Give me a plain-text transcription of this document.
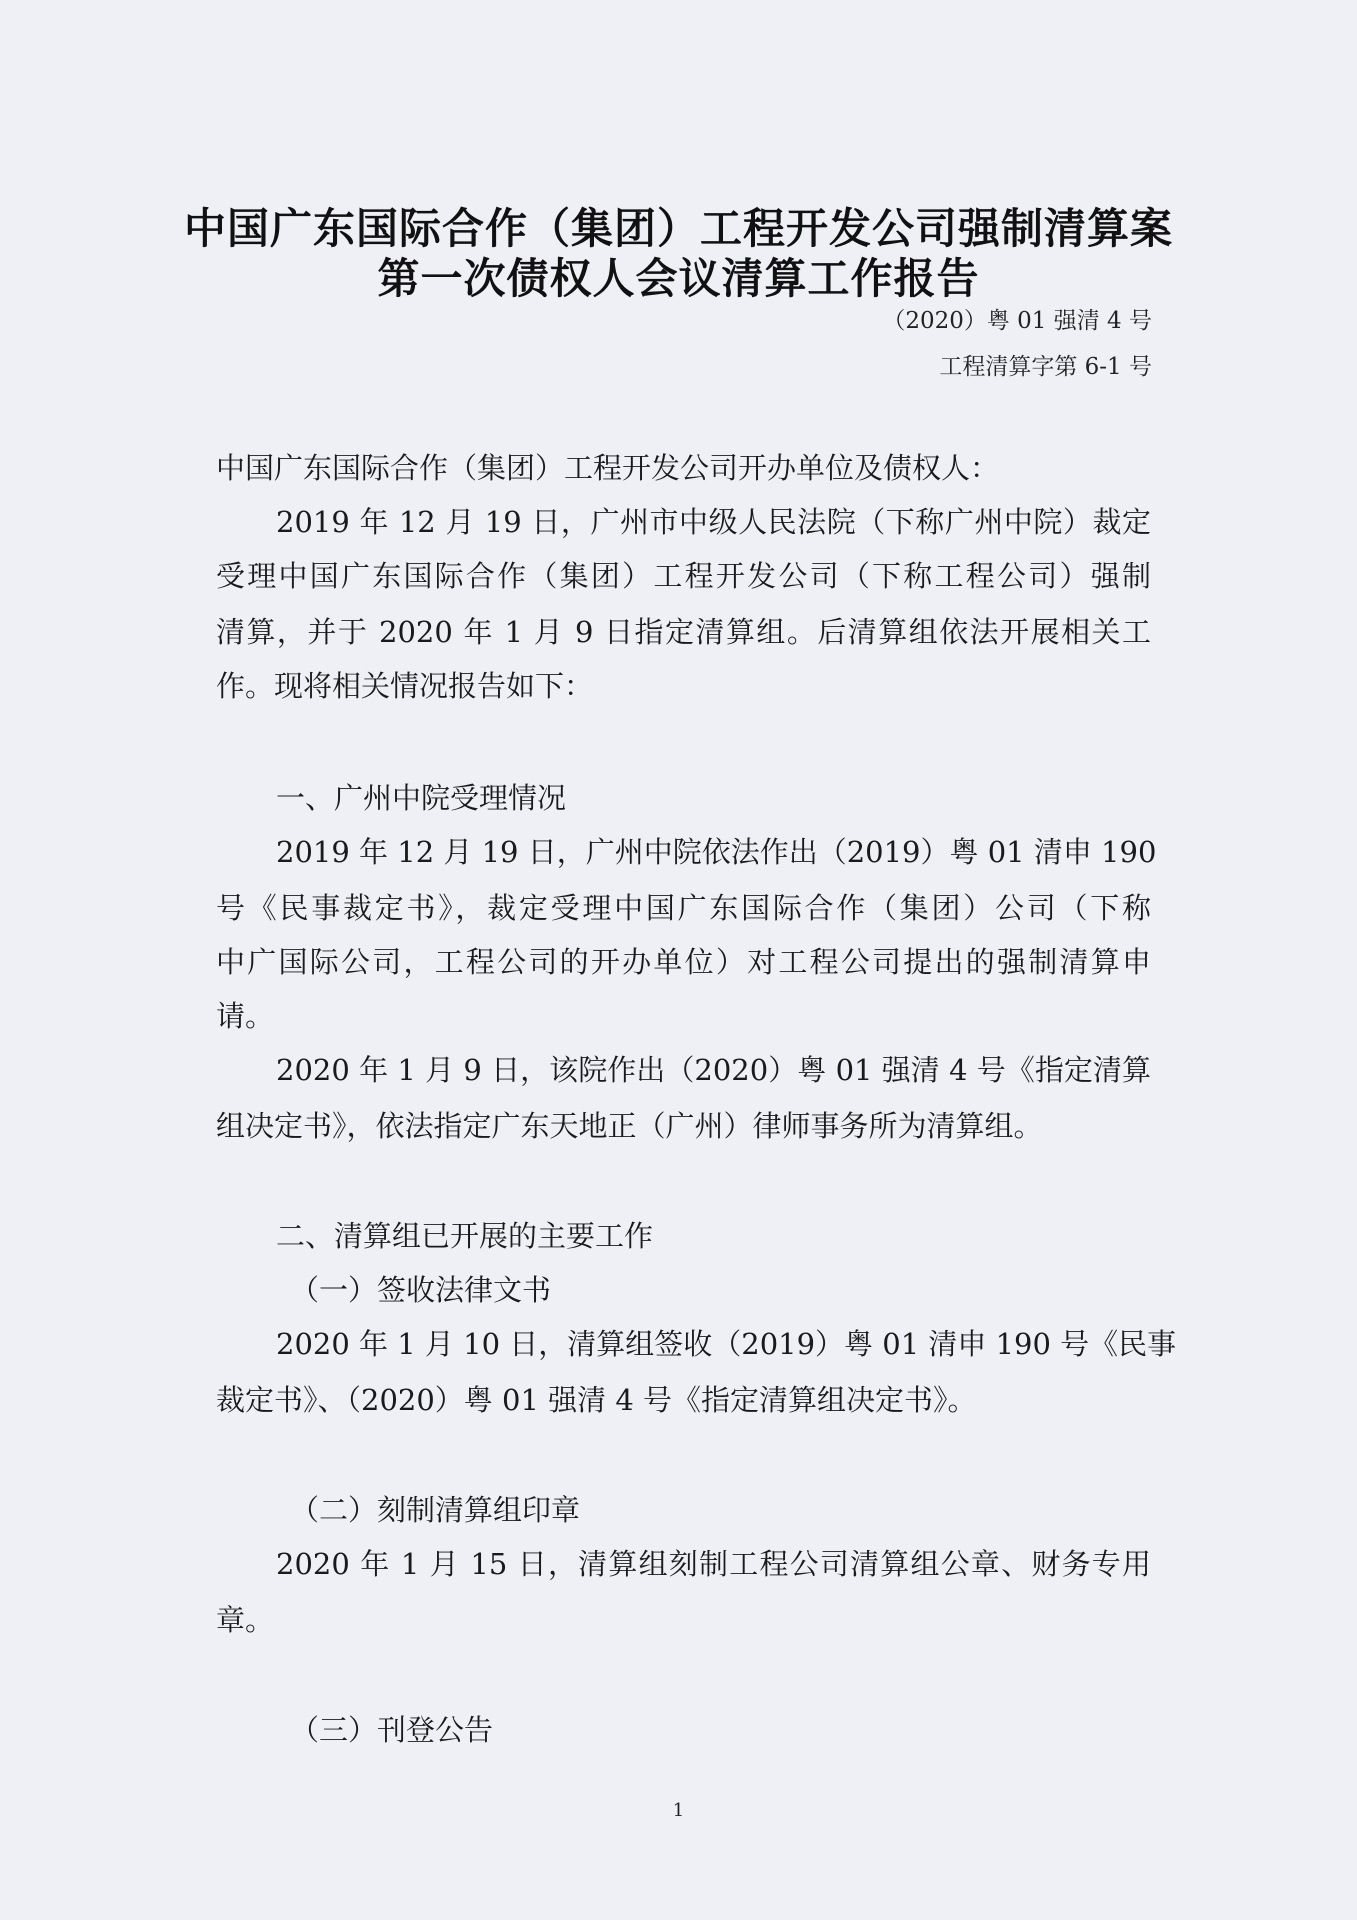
中国广东国际合作（集团）工程开发公司强制清算案
第一次债权人会议清算工作报告
（2020）粤 01 强清 4 号
工程清算字第 6-1 号
中国广东国际合作（集团）工程开发公司开办单位及债权人：
2019 年 12 月 19 日，广州市中级人民法院（下称广州中院）裁定
受理中国广东国际合作（集团）工程开发公司（下称工程公司）强制
清算，并于 2020 年 1 月 9 日指定清算组。后清算组依法开展相关工
作。现将相关情况报告如下：
一、广州中院受理情况
2019 年 12 月 19 日，广州中院依法作出（2019）粤 01 清申 190
号《民事裁定书》，裁定受理中国广东国际合作（集团）公司（下称
中广国际公司，工程公司的开办单位）对工程公司提出的强制清算申
请。
2020 年 1 月 9 日，该院作出（2020）粤 01 强清 4 号《指定清算
组决定书》，依法指定广东天地正（广州）律师事务所为清算组。
二、清算组已开展的主要工作
（一）签收法律文书
2020 年 1 月 10 日，清算组签收（2019）粤 01 清申 190 号《民事
裁定书》、（2020）粤 01 强清 4 号《指定清算组决定书》。
（二）刻制清算组印章
2020 年 1 月 15 日，清算组刻制工程公司清算组公章、财务专用
章。
（三）刊登公告
1
